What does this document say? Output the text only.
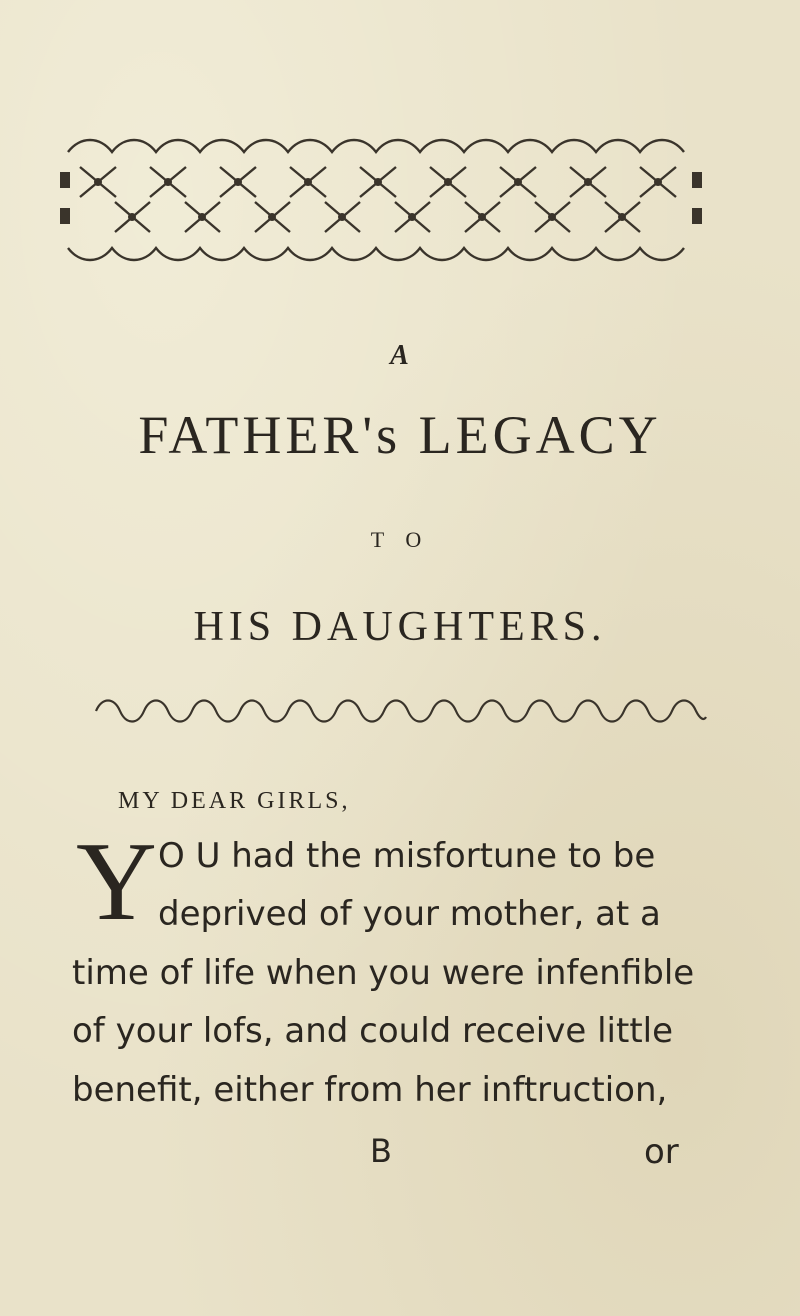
A
FATHER's LEGACY
T O
HIS DAUGHTERS.
MY DEAR GIRLS,
Y O U had the misfortune to be
deprived of your mother, at a
time of life when you were infenfible
of your lofs, and could receive little
benefit, either from her inftruction,
B	or
